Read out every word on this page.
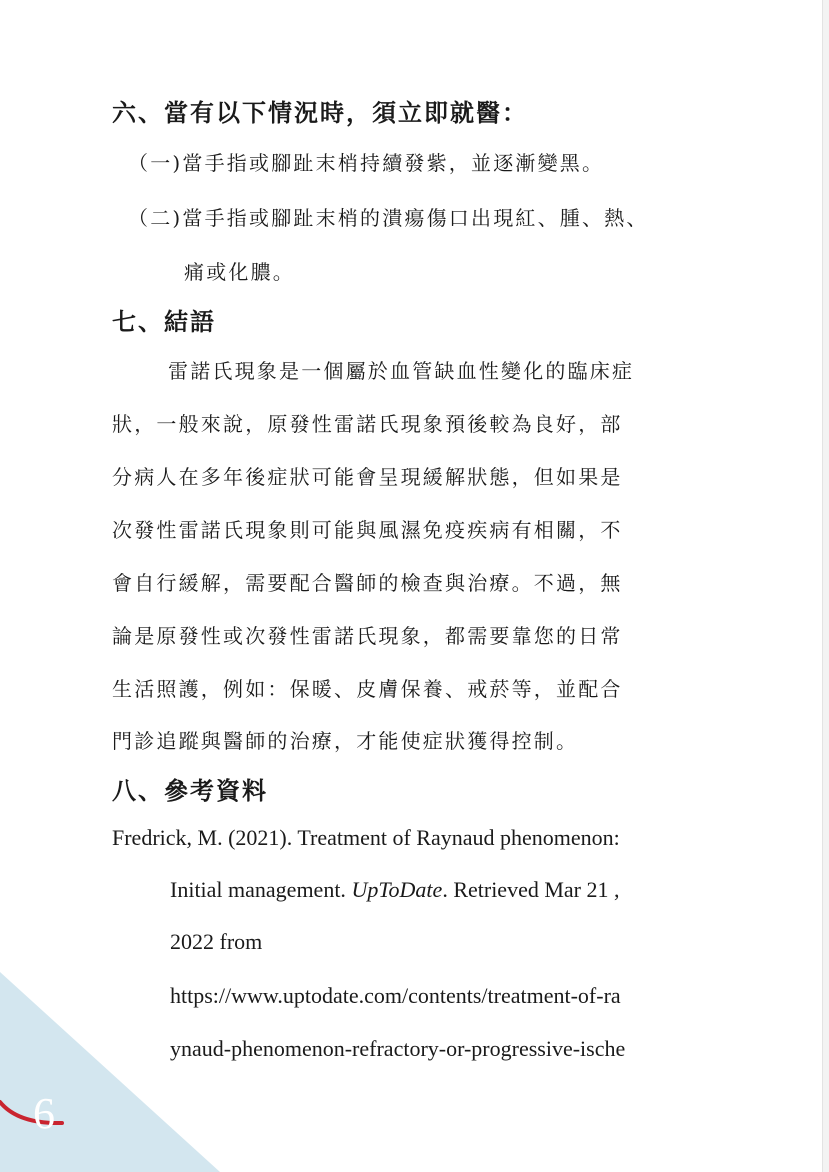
六、當有以下情況時，須立即就醫：

（一)當手指或腳趾末梢持續發紫，並逐漸變黑。

（二)當手指或腳趾末梢的潰瘍傷口出現紅、腫、熱、

痛或化膿。

七、結語

雷諾氏現象是一個屬於血管缺血性變化的臨床症

狀，一般來說，原發性雷諾氏現象預後較為良好，部

分病人在多年後症狀可能會呈現緩解狀態，但如果是

次發性雷諾氏現象則可能與風濕免疫疾病有相關，不

會自行緩解，需要配合醫師的檢查與治療。不過，無

論是原發性或次發性雷諾氏現象，都需要靠您的日常

生活照護，例如：保暖、皮膚保養、戒菸等，並配合

門診追蹤與醫師的治療，才能使症狀獲得控制。

八、參考資料

Fredrick, M. (2021). Treatment of Raynaud phenomenon:

Initial management. UpToDate. Retrieved Mar 21 ,

2022 from

https://www.uptodate.com/contents/treatment-of-ra

ynaud-phenomenon-refractory-or-progressive-ische

6
